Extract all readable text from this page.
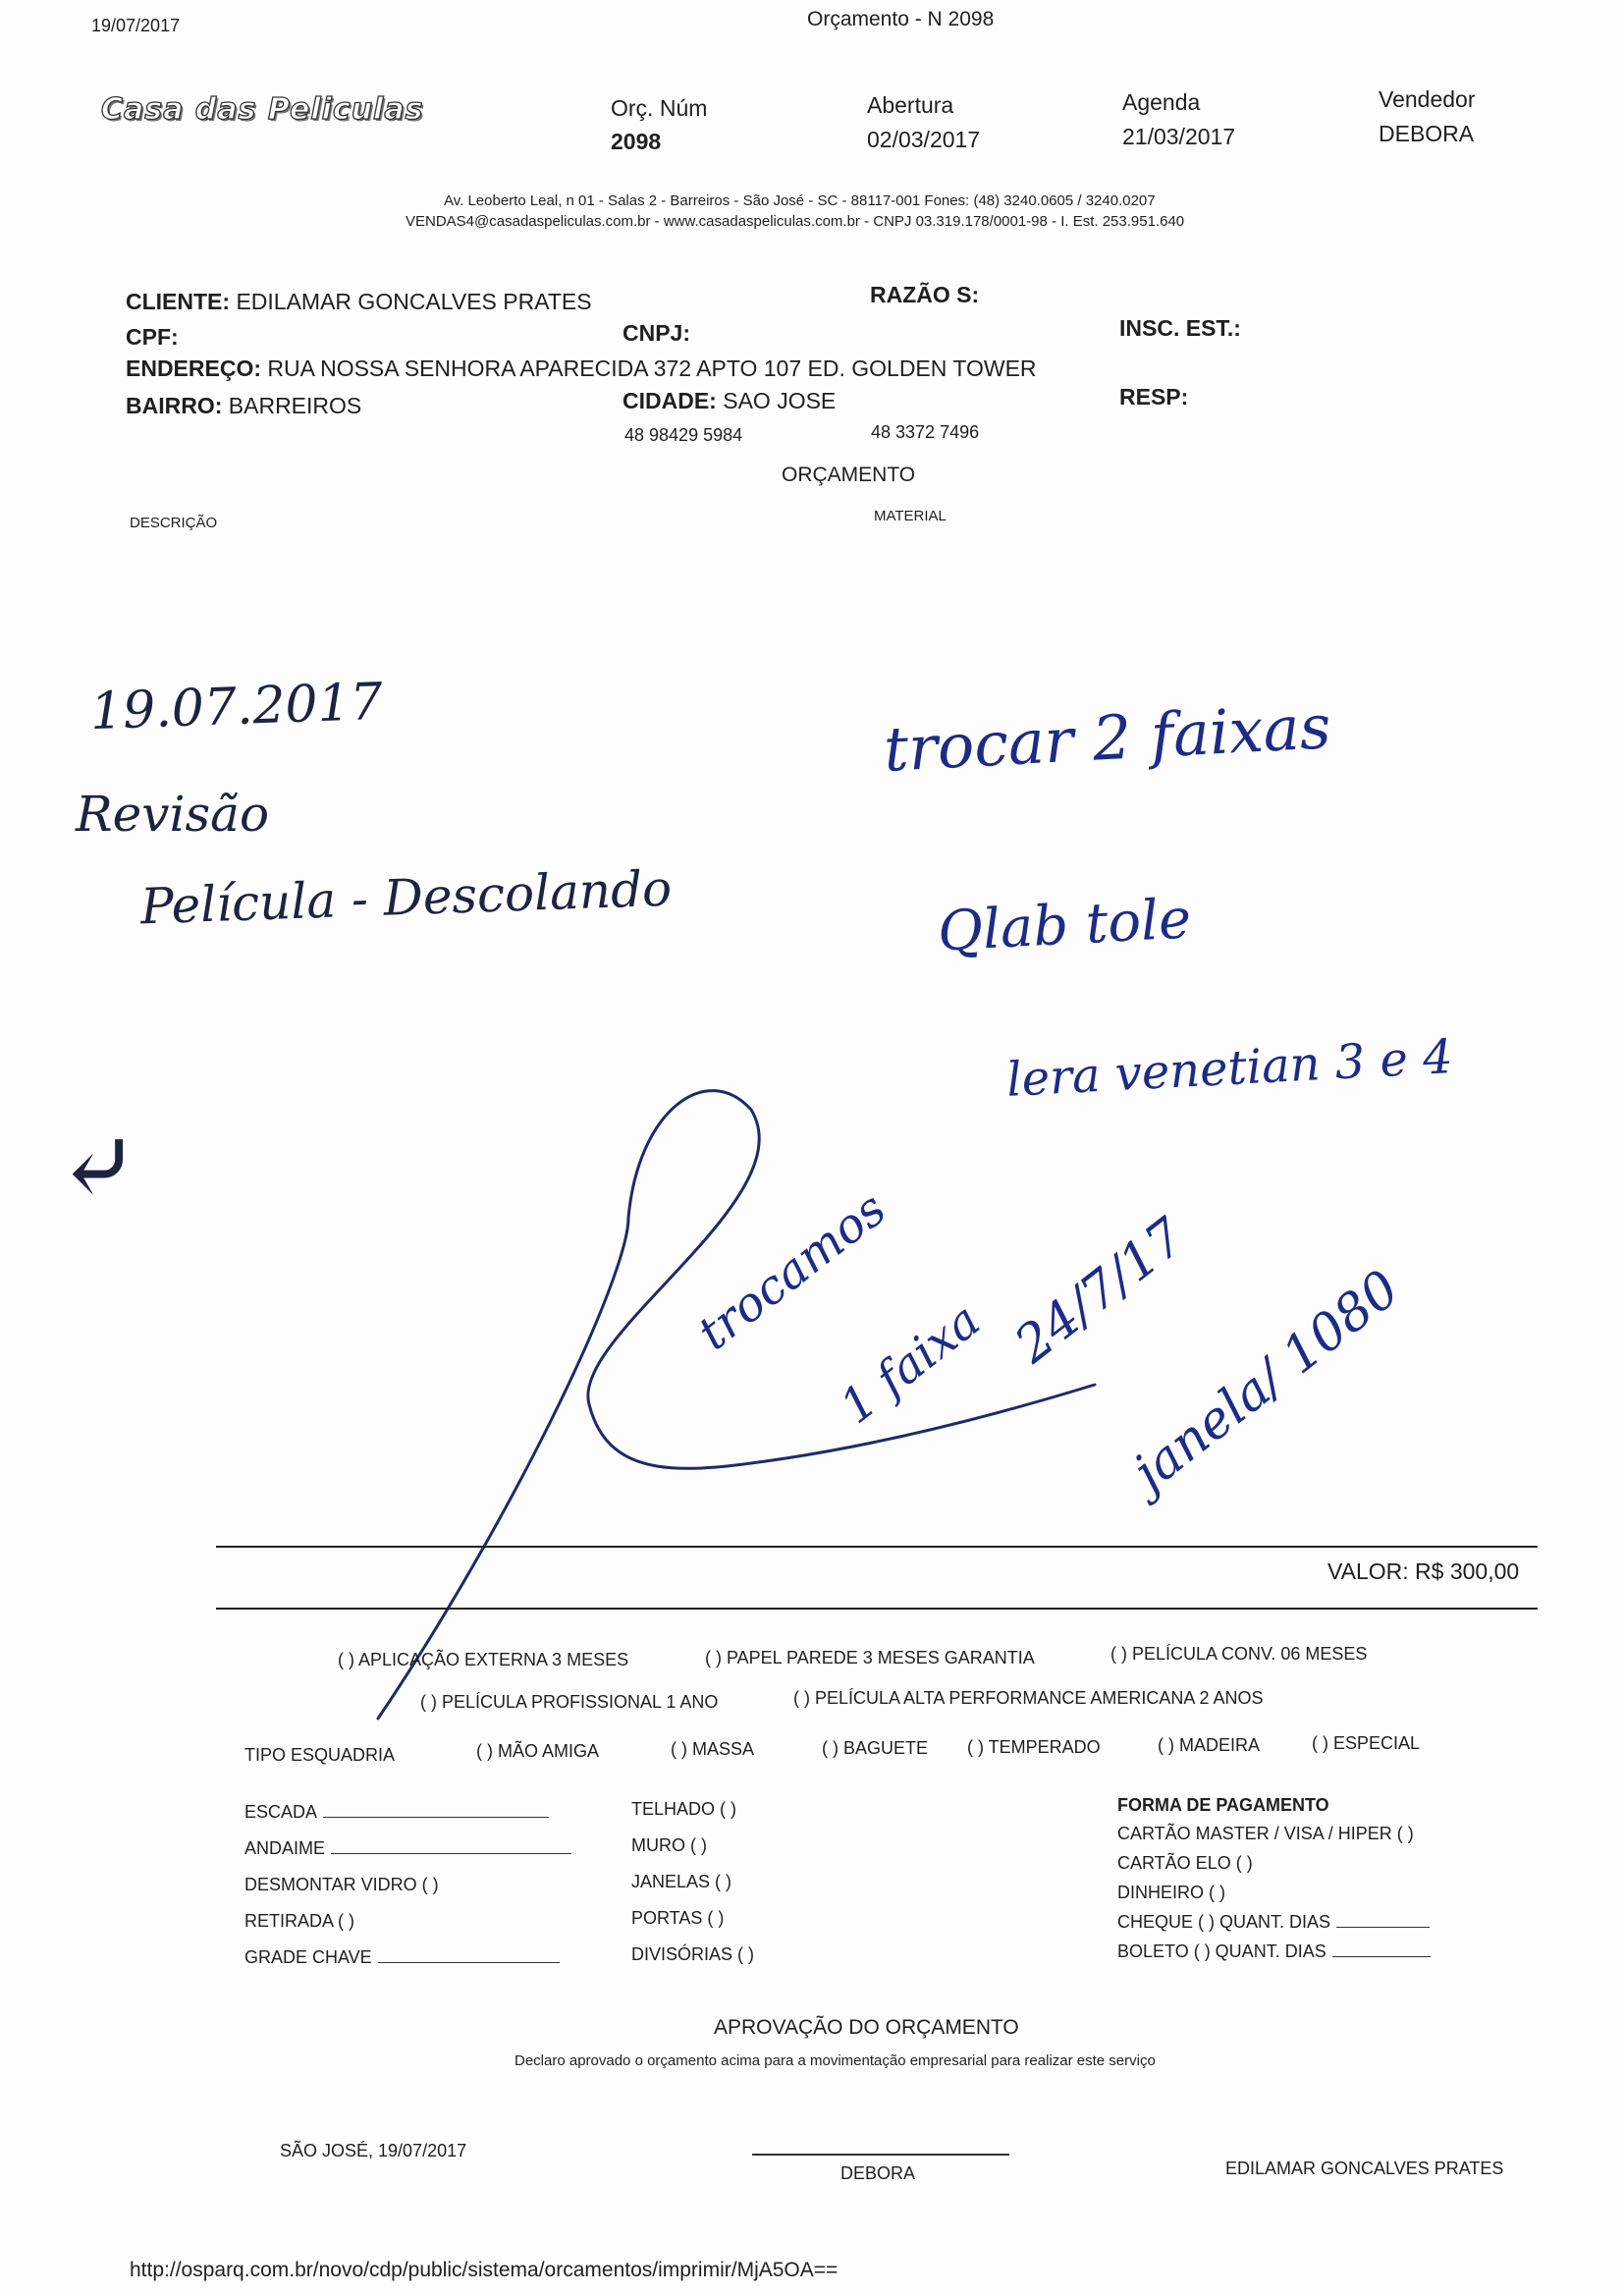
19/07/2017	Orçamento - N 2098
Casa das Peliculas	Orç. Núm
2098
Abertura
02/03/2017
Agenda
21/03/2017
Vendedor
DEBORA
Av. Leoberto Leal, n 01 - Salas 2 - Barreiros - São José - SC - 88117-001 Fones: (48) 3240.0605 / 3240.0207
VENDAS4@casadaspeliculas.com.br - www.casadaspeliculas.com.br - CNPJ 03.319.178/0001-98 - I. Est. 253.951.640
CLIENTE: EDILAMAR GONCALVES PRATES	RAZÃO S:
CPF:	CNPJ:	INSC. EST.:
ENDEREÇO: RUA NOSSA SENHORA APARECIDA 372 APTO 107 ED. GOLDEN TOWER
BAIRRO: BARREIROS	CIDADE: SAO JOSE	RESP:
48 98429 5984	48 3372 7496
ORÇAMENTO
DESCRIÇÃO	MATERIAL
19.07.2017
Revisão
Película - Descolando
trocar 2 faixas
Qlab tole
lera venetian 3 e 4
⤶
trocamos
1 faixa 24/7/17
janela/ 1080
VALOR: R$ 300,00
( ) APLICAÇÃO EXTERNA 3 MESES	( ) PAPEL PAREDE 3 MESES GARANTIA	( ) PELÍCULA CONV. 06 MESES
( ) PELÍCULA PROFISSIONAL 1 ANO	( ) PELÍCULA ALTA PERFORMANCE AMERICANA 2 ANOS
TIPO ESQUADRIA	( ) MÃO AMIGA	( ) MASSA	( ) BAGUETE ( ) TEMPERADO	( ) MADEIRA	( ) ESPECIAL
ESCADA
ANDAIME
DESMONTAR VIDRO ( )
RETIRADA ( )
GRADE CHAVE
TELHADO ( )
MURO ( )
JANELAS ( )
PORTAS ( )
DIVISÓRIAS ( )
FORMA DE PAGAMENTO
CARTÃO MASTER / VISA / HIPER ( )
CARTÃO ELO ( )
DINHEIRO ( )
CHEQUE ( ) QUANT. DIAS
BOLETO ( ) QUANT. DIAS
APROVAÇÃO DO ORÇAMENTO
Declaro aprovado o orçamento acima para a movimentação empresarial para realizar este serviço
SÃO JOSÉ, 19/07/2017
DEBORA	EDILAMAR GONCALVES PRATES
http://osparq.com.br/novo/cdp/public/sistema/orcamentos/imprimir/MjA5OA==
